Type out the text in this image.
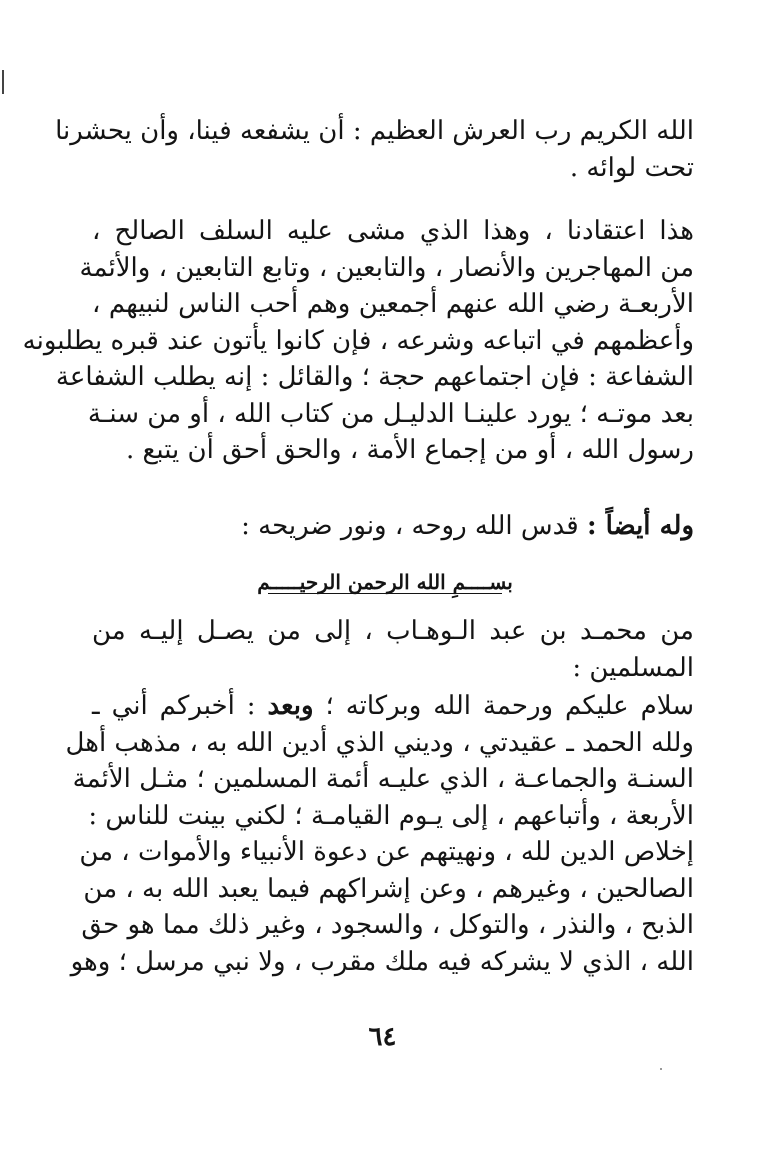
الله الكريم رب العرش العظيم : أن يشفعه فينا، وأن يحشرنا
تحت لوائه .
هذا اعتقادنا ، وهذا الذي مشى عليه السلف الصالح ،
من المهاجرين والأنصار ، والتابعين ، وتابع التابعين ، والأئمة
الأربعـة رضي الله عنهم أجمعين وهم أحب الناس لنبيهم ،
وأعظمهم في اتباعه وشرعه ، فإن كانوا يأتون عند قبره يطلبونه
الشفاعة : فإن اجتماعهم حجة ؛ والقائل : إنه يطلب الشفاعة
بعد موتـه ؛ يورد علينـا الدليـل من كتاب الله ، أو من سنـة
رسول الله ، أو من إجماع الأمة ، والحق أحق أن يتبع .
وله أيضاً : قدس الله روحه ، ونور ضريحه :
بســــمِ الله الرحمن الرحيـــــم
من محمـد بن عبد الـوهـاب ، إلى من يصـل إليـه من
المسلمين :
سلام عليكم ورحمة الله وبركاته ؛ وبعد : أخبركم أني ـ
ولله الحمد ـ عقيدتي ، وديني الذي أدين الله به ، مذهب أهل
السنـة والجماعـة ، الذي عليـه أئمة المسلمين ؛ مثـل الأئمة
الأربعة ، وأتباعهم ، إلى يـوم القيامـة ؛ لكني بينت للناس :
إخلاص الدين لله ، ونهيتهم عن دعوة الأنبياء والأموات ، من
الصالحين ، وغيرهم ، وعن إشراكهم فيما يعبد الله به ، من
الذبح ، والنذر ، والتوكل ، والسجود ، وغير ذلك مما هو حق
الله ، الذي لا يشركه فيه ملك مقرب ، ولا نبي مرسل ؛ وهو
٦٤
